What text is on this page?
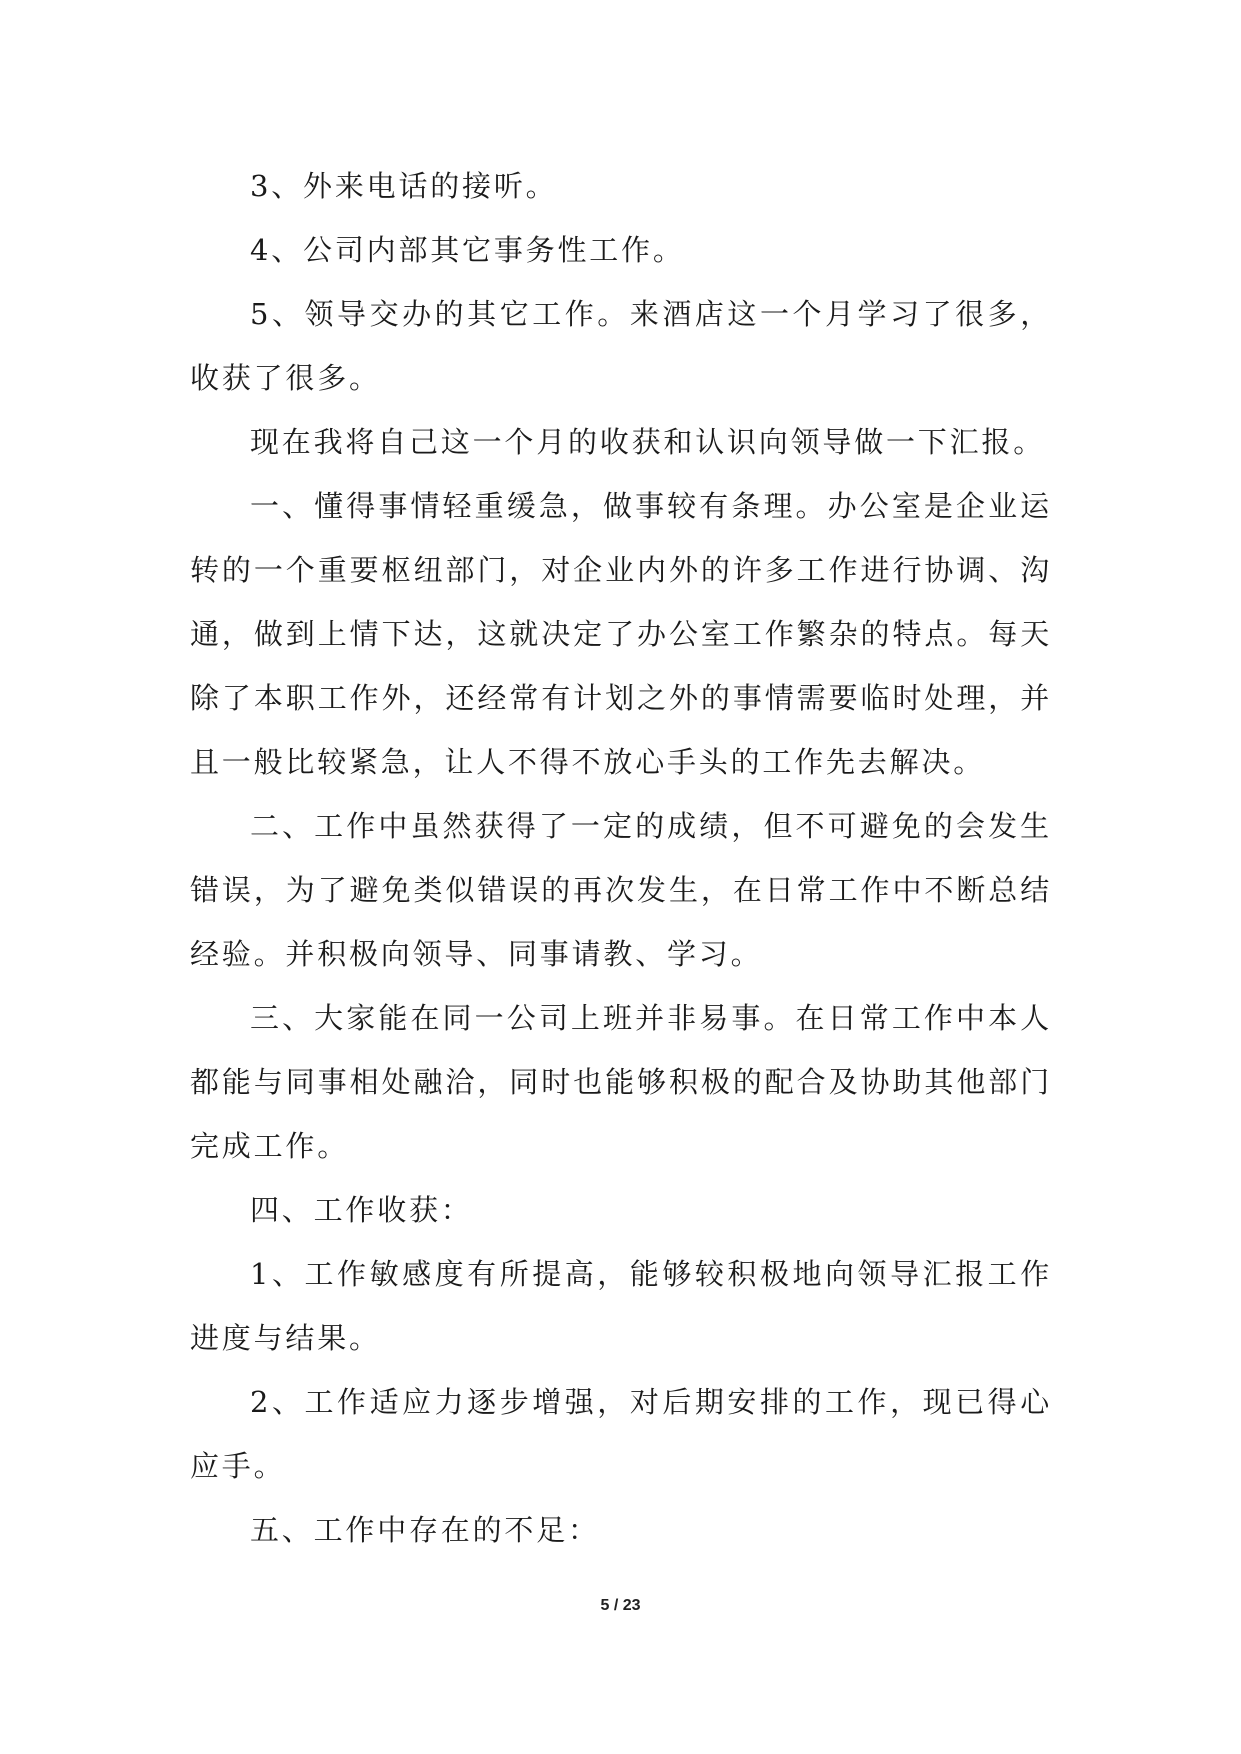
3、外来电话的接听。

4、公司内部其它事务性工作。

5、领导交办的其它工作。来酒店这一个月学习了很多，收获了很多。

现在我将自己这一个月的收获和认识向领导做一下汇报。

一、懂得事情轻重缓急，做事较有条理。办公室是企业运转的一个重要枢纽部门，对企业内外的许多工作进行协调、沟通，做到上情下达，这就决定了办公室工作繁杂的特点。每天除了本职工作外，还经常有计划之外的事情需要临时处理，并且一般比较紧急，让人不得不放心手头的工作先去解决。

二、工作中虽然获得了一定的成绩，但不可避免的会发生错误，为了避免类似错误的再次发生，在日常工作中不断总结经验。并积极向领导、同事请教、学习。

三、大家能在同一公司上班并非易事。在日常工作中本人都能与同事相处融洽，同时也能够积极的配合及协助其他部门完成工作。

四、工作收获：

1、工作敏感度有所提高，能够较积极地向领导汇报工作进度与结果。

2、工作适应力逐步增强，对后期安排的工作，现已得心应手。

五、工作中存在的不足：

5 / 23
